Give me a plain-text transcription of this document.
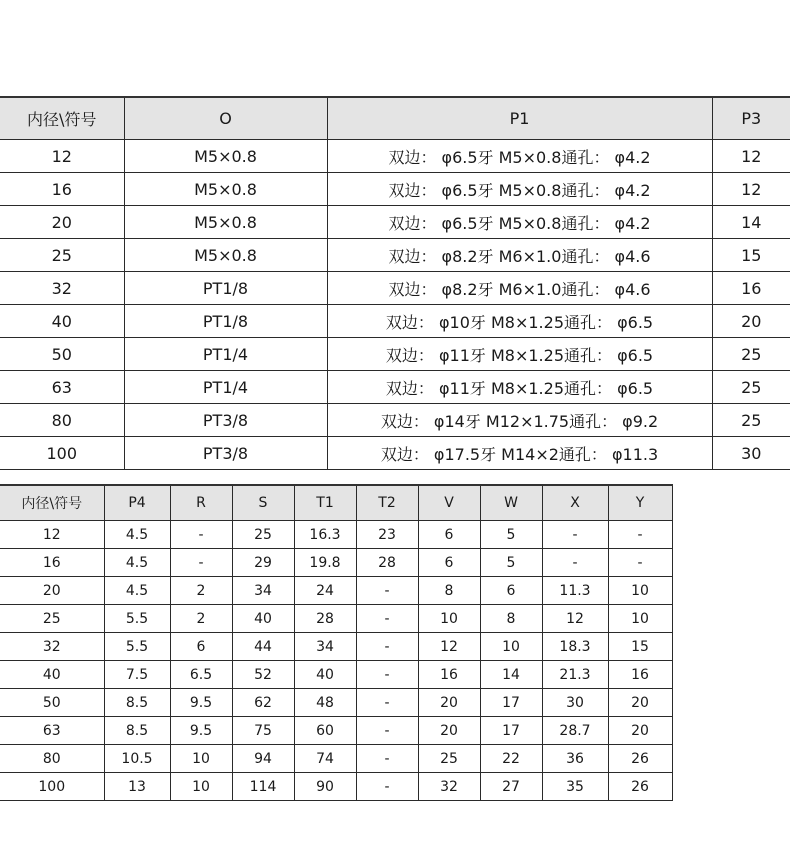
内径\符号	O	P1	P3
12	M5×0.8	双边： φ6.5牙 M5×0.8通孔： φ4.2	12
16	M5×0.8	双边： φ6.5牙 M5×0.8通孔： φ4.2	12
20	M5×0.8	双边： φ6.5牙 M5×0.8通孔： φ4.2	14
25	M5×0.8	双边： φ8.2牙 M6×1.0通孔： φ4.6	15
32	PT1/8	双边： φ8.2牙 M6×1.0通孔： φ4.6	16
40	PT1/8	双边： φ10牙 M8×1.25通孔： φ6.5	20
50	PT1/4	双边： φ11牙 M8×1.25通孔： φ6.5	25
63	PT1/4	双边： φ11牙 M8×1.25通孔： φ6.5	25
80	PT3/8	双边： φ14牙 M12×1.75通孔： φ9.2	25
100	PT3/8	双边： φ17.5牙 M14×2通孔： φ11.3	30
内径\符号	P4	R	S	T1	T2	V	W	X	Y
12	4.5	-	25	16.3	23	6	5	-	-
16	4.5	-	29	19.8	28	6	5	-	-
20	4.5	2	34	24	-	8	6	11.3	10
25	5.5	2	40	28	-	10	8	12	10
32	5.5	6	44	34	-	12	10	18.3	15
40	7.5	6.5	52	40	-	16	14	21.3	16
50	8.5	9.5	62	48	-	20	17	30	20
63	8.5	9.5	75	60	-	20	17	28.7	20
80	10.5	10	94	74	-	25	22	36	26
100	13	10	114	90	-	32	27	35	26
